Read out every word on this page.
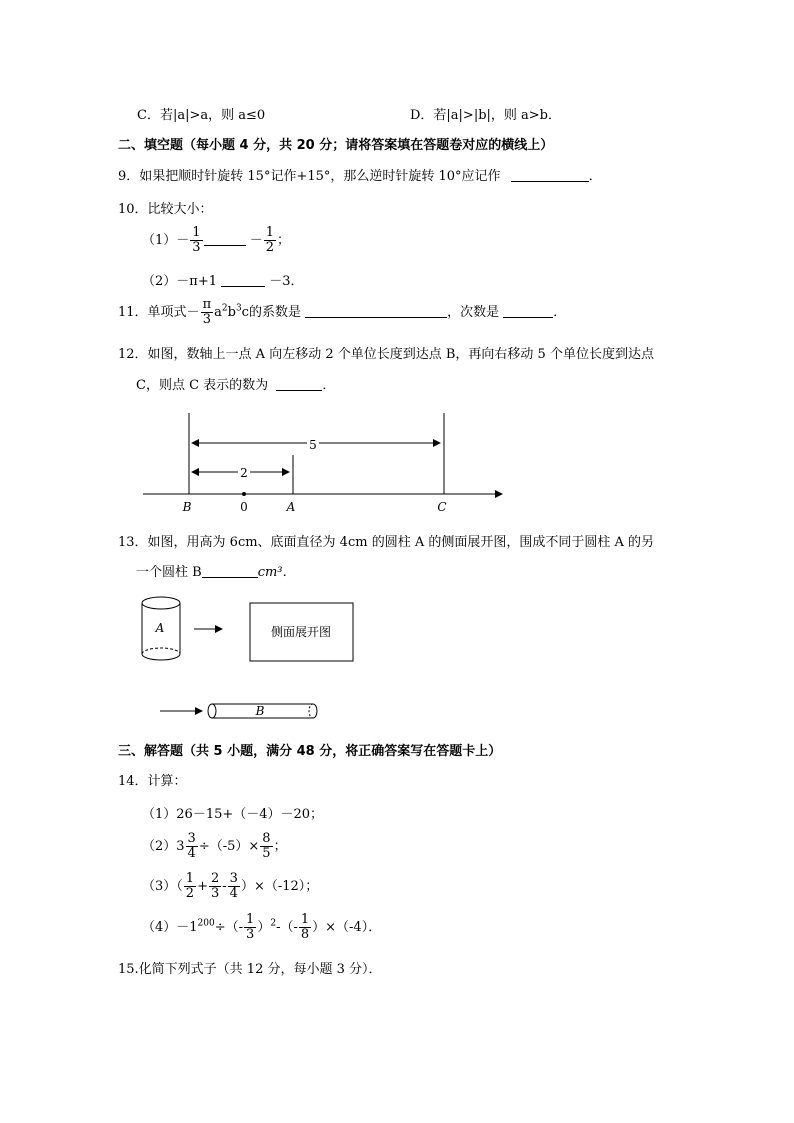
C．若|a|>a，则 a≤0	D．若|a|>|b|，则 a>b．
二、填空题（每小题 4 分，共 20 分；请将答案填在答题卷对应的横线上）
9．如果把顺时针旋转 15°记作+15°，那么逆时针旋转 10°应记作	．
10．比较大小：
$(1)- \frac{1}{3}$	－ $\frac{1}{2}$ ；
（2）－π+1	－3．
11．单项式－ $\frac{\pi}{3} a^2b^3c$的系数是	，次数是	．
12．如图，数轴上一点 A 向左移动 2 个单位长度到达点 B，再向右移动 5 个单位长度到达点
C，则点 C 表示的数为	．
5
2
B	0	A	C
13．如图，用高为 6cm、底面直径为 4cm 的圆柱 A 的侧面展开图，围成不同于圆柱 A 的另
一个圆柱 B	cm³．
A	侧面展开图
B
三、解答题（共 5 小题，满分 48 分，将正确答案写在答题卡上）
14．计算：
（1）26－15+（－4）－20；
$(2)3 \frac{3}{4} \div(-5)\times \frac{8}{5}$ ；
$(3)( \frac{1}{2} + \frac{2}{3} - \frac{3}{4} )\times(-12)$；
$(4)-1^{200}\div(- \frac{1}{3} )^2-(- \frac{1}{8} )\times(-4)$．
15.化简下列式子（共 12 分，每小题 3 分）．
